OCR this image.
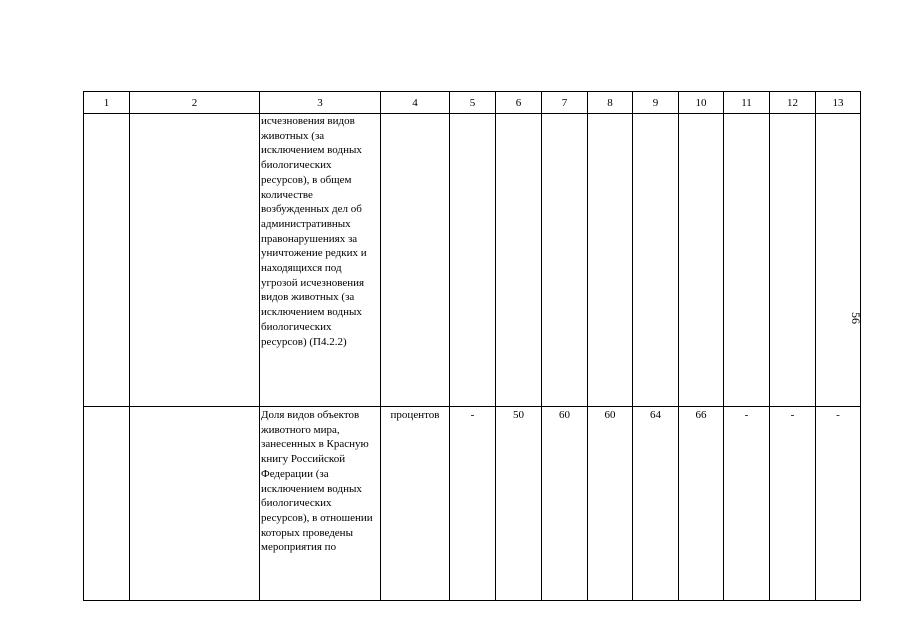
1	2	3	4	5	6	7	8	9	10	11	12	13
		исчезновения видов животных (за исключением водных биологических ресурсов), в общем количестве возбужденных дел об административных правонарушениях за уничтожение редких и находящихся под угрозой исчезновения видов животных (за исключением водных биологических ресурсов) (П4.2.2)										
		Доля видов объектов животного мира, занесенных в Красную книгу Российской Федерации (за исключением водных биологических ресурсов), в отношении которых проведены мероприятия по	процентов	-	50	60	60	64	66	-	-	-
56
